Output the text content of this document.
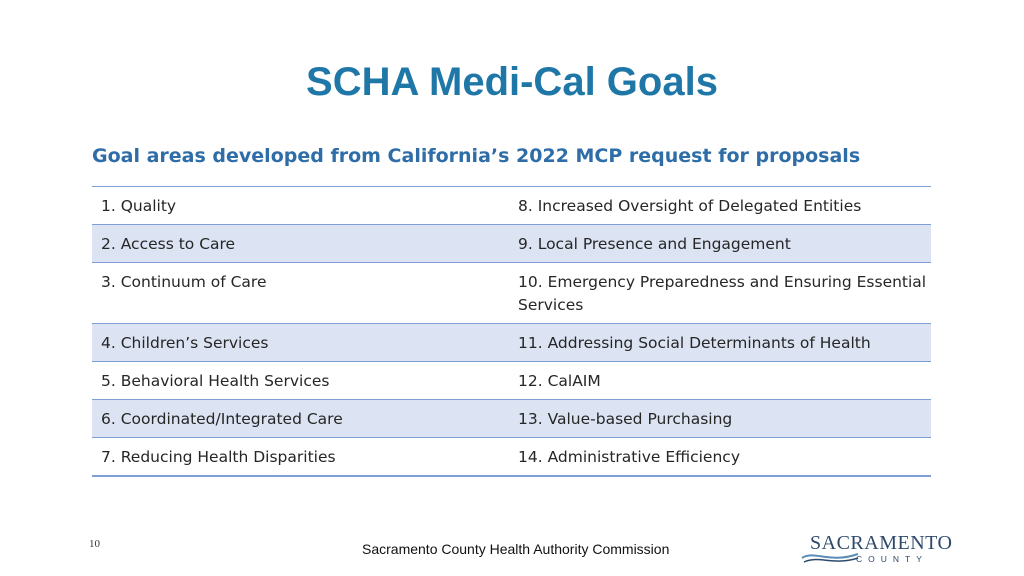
SCHA Medi-Cal Goals
Goal areas developed from California’s 2022 MCP request for proposals
1. Quality	8. Increased Oversight of Delegated Entities
2. Access to Care	9. Local Presence and Engagement
3. Continuum of Care	10. Emergency Preparedness and Ensuring Essential Services
4. Children’s Services	11. Addressing Social Determinants of Health
5. Behavioral Health Services	12. CalAIM
6. Coordinated/Integrated Care	13. Value-based Purchasing
7. Reducing Health Disparities	14. Administrative Efficiency
10	Sacramento County Health Authority Commission	SACRAMENTO
COUNTY
